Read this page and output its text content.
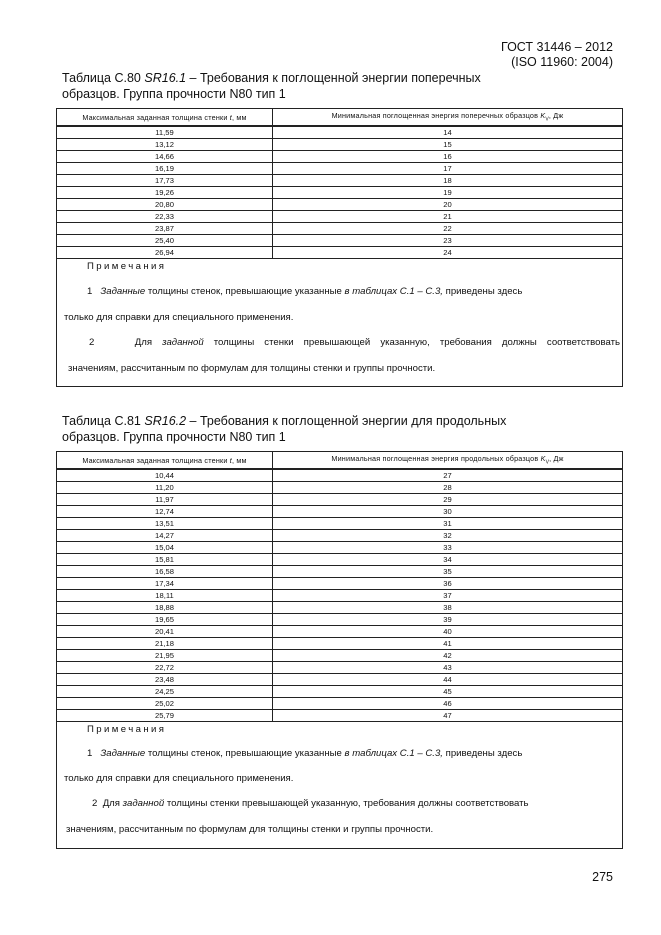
ГОСТ 31446 – 2012
(ISO 11960: 2004)
Таблица С.80 SR16.1 – Требования к поглощенной энергии поперечных
образцов. Группа прочности N80 тип 1
Максимальная заданная толщина стенки t, мм	Минимальная поглощенная энергия поперечных образцов $K_V$, Дж
11,59	14
13,12	15
14,66	16
16,19	17
17,73	18
19,26	19
20,80	20
22,33	21
23,87	22
25,40	23
26,94	24

Примечания
1 Заданные толщины стенок, превышающие указанные в таблицах С.1 – С.3, приведены здесь
только для справки для специального применения.
2 Для заданной толщины стенки превышающей указанную, требования должны соответствовать
значениям, рассчитанным по формулам для толщины стенки и группы прочности.	
Таблица С.81 SR16.2 – Требования к поглощенной энергии для продольных
образцов. Группа прочности N80 тип 1
Максимальная заданная толщина стенки t, мм	Минимальная поглощенная энергия продольных образцов $K_V$, Дж
10,44	27
11,20	28
11,97	29
12,74	30
13,51	31
14,27	32
15,04	33
15,81	34
16,58	35
17,34	36
18,11	37
18,88	38
19,65	39
20,41	40
21,18	41
21,95	42
22,72	43
23,48	44
24,25	45
25,02	46
25,79	47

Примечания
1 Заданные толщины стенок, превышающие указанные в таблицах С.1 – С.3, приведены здесь
только для справки для специального применения.
2 Для заданной толщины стенки превышающей указанную, требования должны соответствовать
значениям, рассчитанным по формулам для толщины стенки и группы прочности.	
275
